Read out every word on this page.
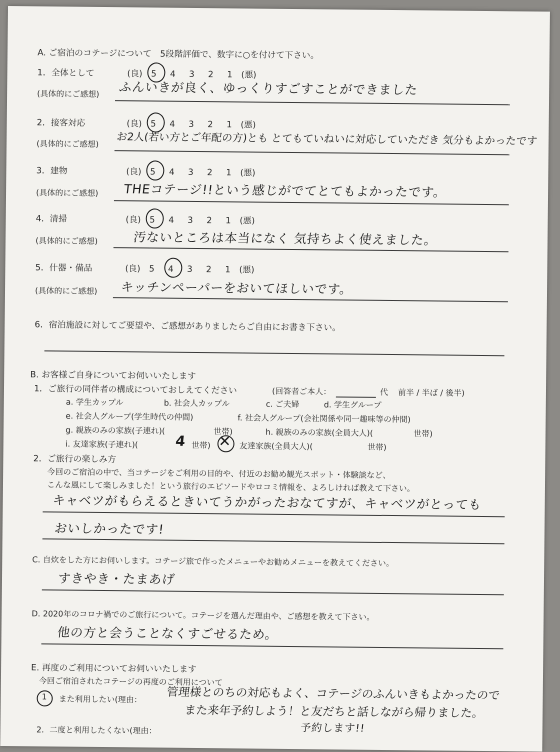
A. ご宿泊のコテージについて　5段階評価で、数字に○を付けて下さい。
1．全体として	(良) 5 4 3 2 1 (悪)
(具体的にご感想) ふんいきが良く、ゆっくりすごすことができました
2．接客対応	(良) 5 4 3 2 1 (悪)
(具体的にご感想) お2人(若い方とご年配の方)とも とてもていねいに対応していただき 気分もよかったです
3．建物	(良) 5 4 3 2 1 (悪)
(具体的にご感想) THEコテージ!!という感じがでてとてもよかったです。
4．清掃	(良) 5 4 3 2 1 (悪)
(具体的にご感想)	汚ないところは本当になく 気持ちよく使えました。
5．什器・備品	(良) 5 4 3 2 1 (悪)
(具体的にご感想) キッチンペーパーをおいてほしいです。
6．宿泊施設に対してご要望や、ご感想がありましたらご自由にお書き下さい。
B. お客様ご自身についてお伺いいたします
1．ご旅行の同伴者の構成についておしえてください	(回答者ご本人：	代 前半 / 半ば / 後半)
a. 学生カップル	b. 社会人カップル	c. ご夫婦	d. 学生グループ
e. 社会人グループ(学生時代の仲間)	f. 社会人グループ(会社関係や同一趣味等の仲間)
g. 親族のみの家族(子連れ)(	世帯)	h. 親族のみの家族(全員大人)(	世帯)
i. 友達家族(子連れ)(	4 世帯) ✕ 友達家族(全員大人)(	世帯)
2．ご旅行の楽しみ方
今回のご宿泊の中で、当コテージをご利用の目的や、付近のお勧め観光スポット・体験談など、
こんな風にして楽しみました！という旅行のエピソードやロコミ情報を、よろしければ教えて下さい。
キャベツがもらえるときいてうかがったおなてすが、キャベツがとっても
おいしかったです!
C. 自炊をした方にお伺いします。コテージ旅で作ったメニューやお勧めメニューを教えてください。
すきやき・たまあげ
D. 2020年のコロナ禍でのご旅行について。コテージを選んだ理由や、ご感想を教えて下さい。
他の方と会うことなくすごせるため。
E. 再度のご利用についてお伺いいたします
今回ご宿泊されたコテージの再度のご利用について
1 また利用したい(理由： 管理様とのちの対応もよく、コテージのふんいきもよかったので
また来年予約しよう！と友だちと話しながら帰りました。
予約します!!
2．二度と利用したくない(理由：
